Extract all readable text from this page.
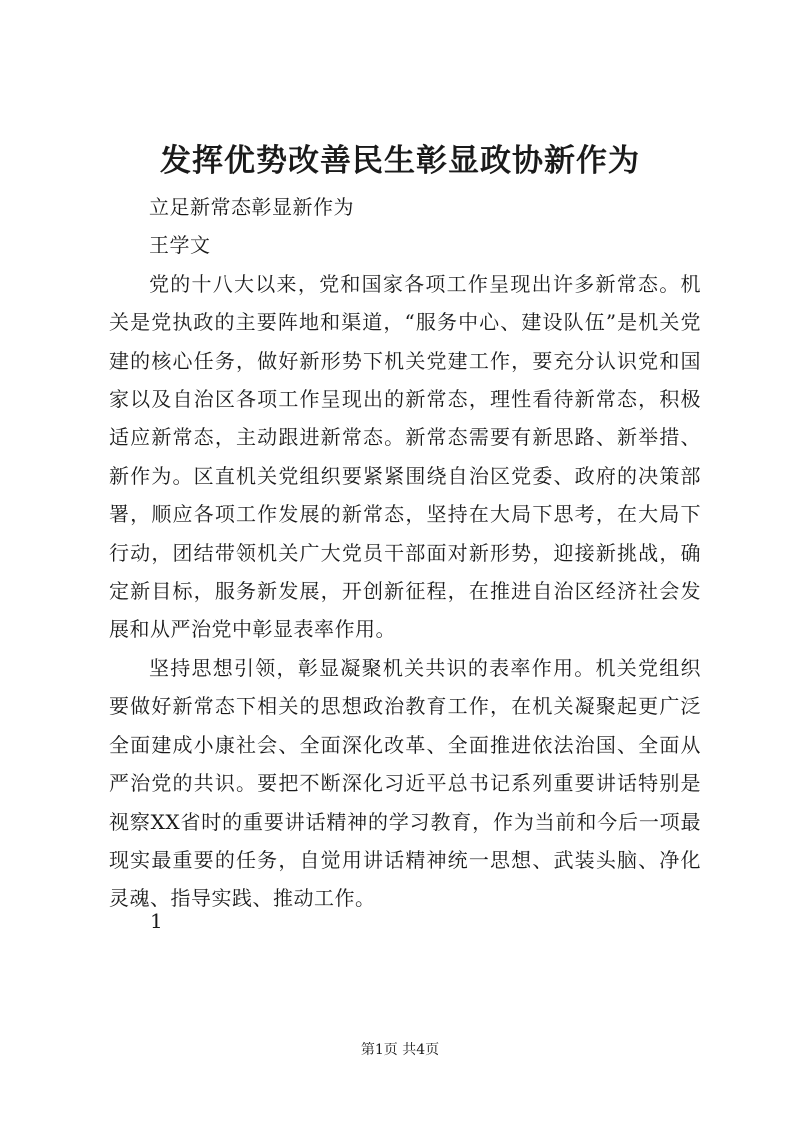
发挥优势改善民生彰显政协新作为

立足新常态彰显新作为

王学文

党的十八大以来，党和国家各项工作呈现出许多新常态。机关是党执政的主要阵地和渠道，“服务中心、建设队伍”是机关党建的核心任务，做好新形势下机关党建工作，要充分认识党和国家以及自治区各项工作呈现出的新常态，理性看待新常态，积极适应新常态，主动跟进新常态。新常态需要有新思路、新举措、新作为。区直机关党组织要紧紧围绕自治区党委、政府的决策部署，顺应各项工作发展的新常态，坚持在大局下思考，在大局下行动，团结带领机关广大党员干部面对新形势，迎接新挑战，确定新目标，服务新发展，开创新征程，在推进自治区经济社会发展和从严治党中彰显表率作用。

坚持思想引领，彰显凝聚机关共识的表率作用。机关党组织要做好新常态下相关的思想政治教育工作，在机关凝聚起更广泛全面建成小康社会、全面深化改革、全面推进依法治国、全面从严治党的共识。要把不断深化习近平总书记系列重要讲话特别是视察XX省时的重要讲话精神的学习教育，作为当前和今后一项最现实最重要的任务，自觉用讲话精神统一思想、武装头脑、净化灵魂、指导实践、推动工作。

1
第1页 共4页
